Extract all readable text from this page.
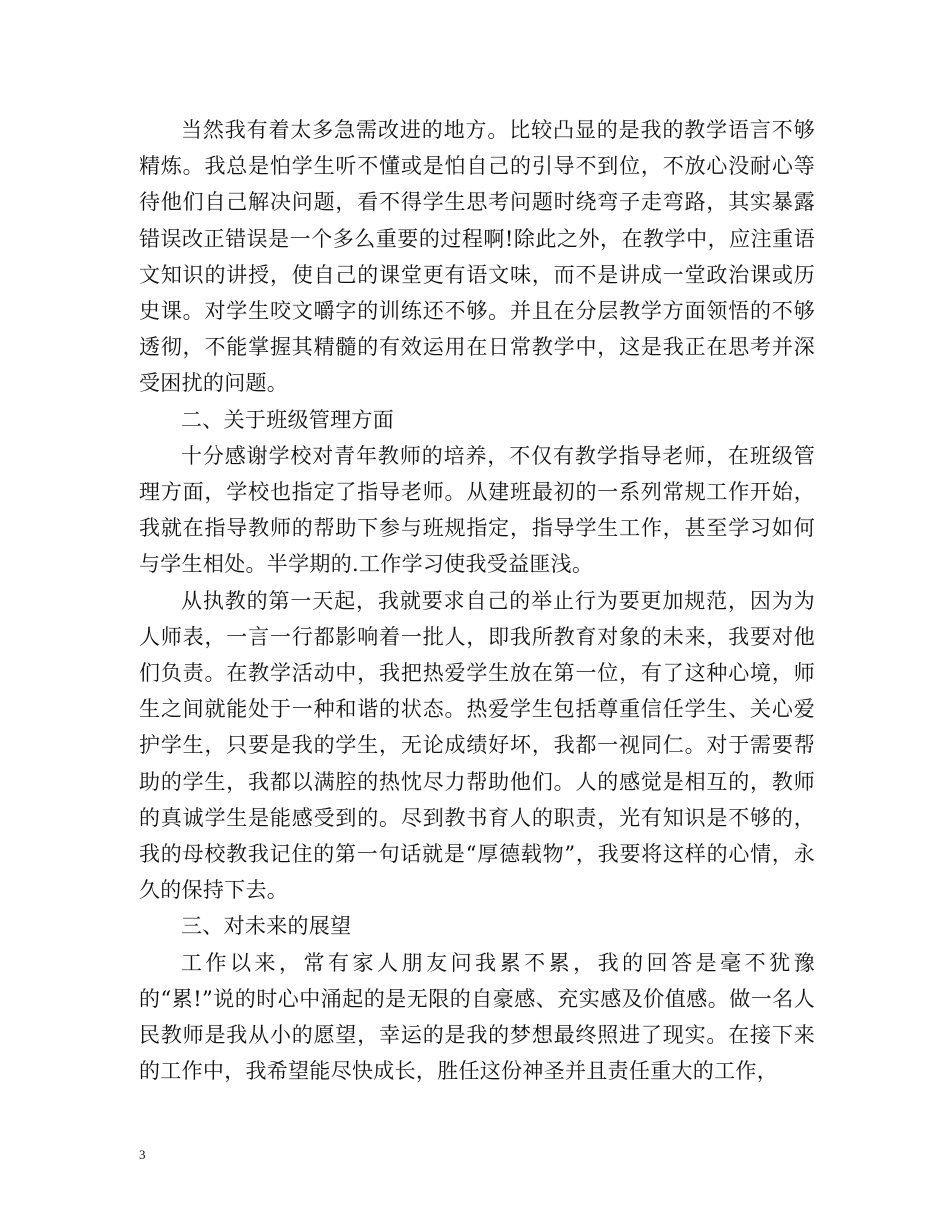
当然我有着太多急需改进的地方。比较凸显的是我的教学语言不够精炼。我总是怕学生听不懂或是怕自己的引导不到位，不放心没耐心等待他们自己解决问题，看不得学生思考问题时绕弯子走弯路，其实暴露错误改正错误是一个多么重要的过程啊!除此之外，在教学中，应注重语文知识的讲授，使自己的课堂更有语文味，而不是讲成一堂政治课或历史课。对学生咬文嚼字的训练还不够。并且在分层教学方面领悟的不够透彻，不能掌握其精髓的有效运用在日常教学中，这是我正在思考并深受困扰的问题。

二、关于班级管理方面

十分感谢学校对青年教师的培养，不仅有教学指导老师，在班级管理方面，学校也指定了指导老师。从建班最初的一系列常规工作开始，我就在指导教师的帮助下参与班规指定，指导学生工作，甚至学习如何与学生相处。半学期的.工作学习使我受益匪浅。

从执教的第一天起，我就要求自己的举止行为要更加规范，因为为人师表，一言一行都影响着一批人，即我所教育对象的未来，我要对他们负责。在教学活动中，我把热爱学生放在第一位，有了这种心境，师生之间就能处于一种和谐的状态。热爱学生包括尊重信任学生、关心爱护学生，只要是我的学生，无论成绩好坏，我都一视同仁。对于需要帮助的学生，我都以满腔的热忱尽力帮助他们。人的感觉是相互的，教师的真诚学生是能感受到的。尽到教书育人的职责，光有知识是不够的，我的母校教我记住的第一句话就是“厚德载物”，我要将这样的心情，永久的保持下去。

三、对未来的展望

工作以来，常有家人朋友问我累不累，我的回答是毫不犹豫的“累!”说的时心中涌起的是无限的自豪感、充实感及价值感。做一名人民教师是我从小的愿望，幸运的是我的梦想最终照进了现实。在接下来的工作中，我希望能尽快成长，胜任这份神圣并且责任重大的工作，

3
